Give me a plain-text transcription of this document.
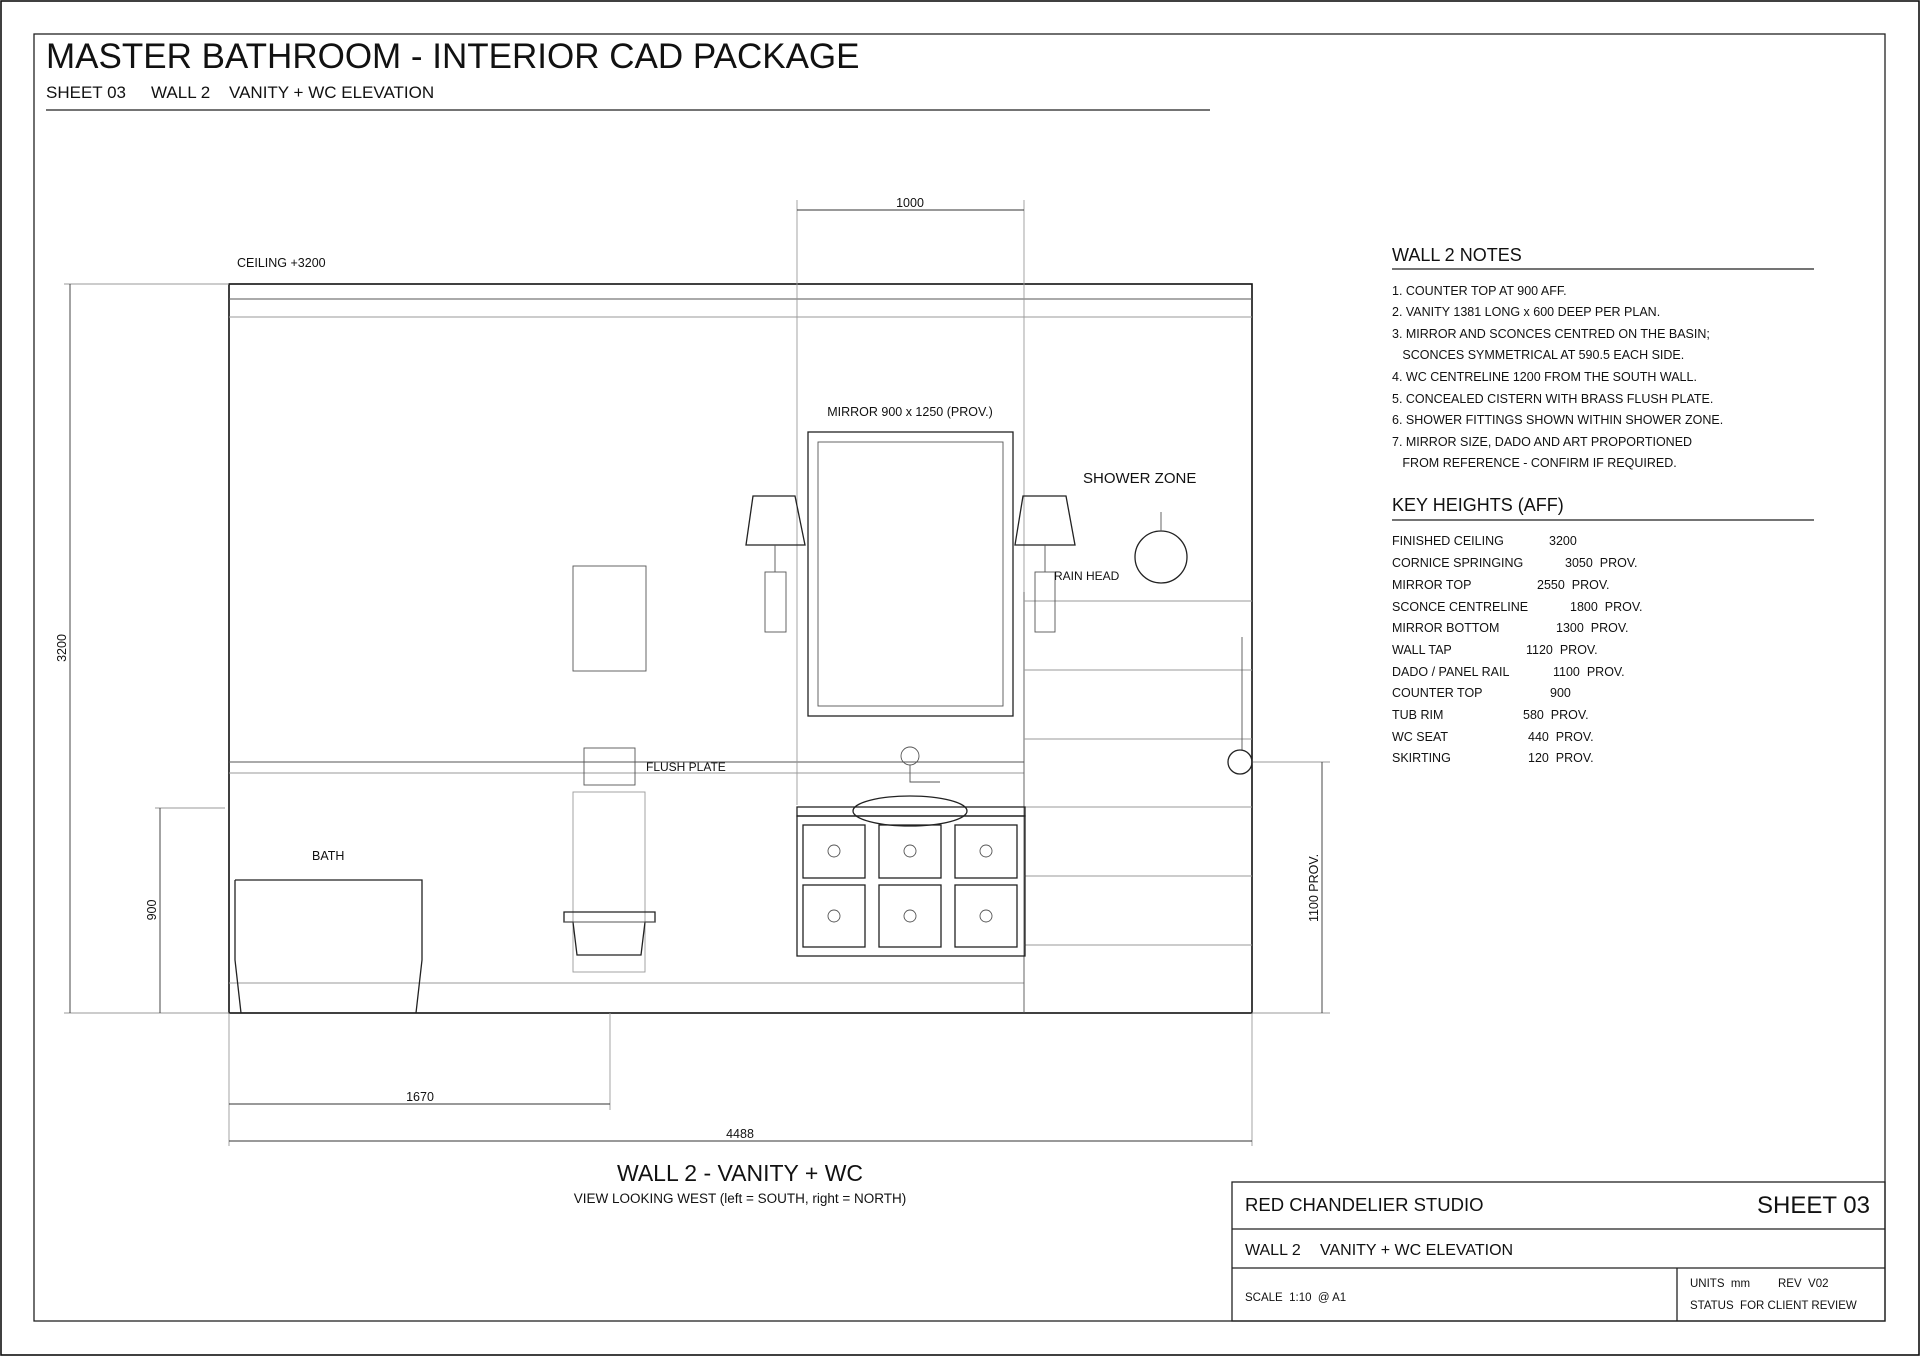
MASTER BATHROOM - INTERIOR CAD PACKAGE
SHEET 03 WALL 2 VANITY + WC ELEVATION
1000
CEILING +3200
3200
900	1100 PROV.
1670
4488
MIRROR 900 x 1250 (PROV.)
SHOWER ZONE
RAIN HEAD
FLUSH PLATE
BATH
WALL 2 - VANITY + WC
VIEW LOOKING WEST (left = SOUTH, right = NORTH)
WALL 2 NOTES
1. COUNTER TOP AT 900 AFF.
2. VANITY 1381 LONG x 600 DEEP PER PLAN.
3. MIRROR AND SCONCES CENTRED ON THE BASIN;
SCONCES SYMMETRICAL AT 590.5 EACH SIDE.
4. WC CENTRELINE 1200 FROM THE SOUTH WALL.
5. CONCEALED CISTERN WITH BRASS FLUSH PLATE.
6. SHOWER FITTINGS SHOWN WITHIN SHOWER ZONE.
7. MIRROR SIZE, DADO AND ART PROPORTIONED
FROM REFERENCE - CONFIRM IF REQUIRED.
KEY HEIGHTS (AFF)
FINISHED CEILING	3200
CORNICE SPRINGING	3050  PROV.
MIRROR TOP	2550  PROV.
SCONCE CENTRELINE	1800  PROV.
MIRROR BOTTOM	1300  PROV.
WALL TAP	1120  PROV.
DADO / PANEL RAIL	1100  PROV.
COUNTER TOP	900
TUB RIM	580  PROV.
WC SEAT	440  PROV.
SKIRTING	120  PROV.
RED CHANDELIER STUDIO	SHEET 03
WALL 2 VANITY + WC ELEVATION
SCALE  1:10  @ A1
UNITS  mm REV  V02
STATUS  FOR CLIENT REVIEW
